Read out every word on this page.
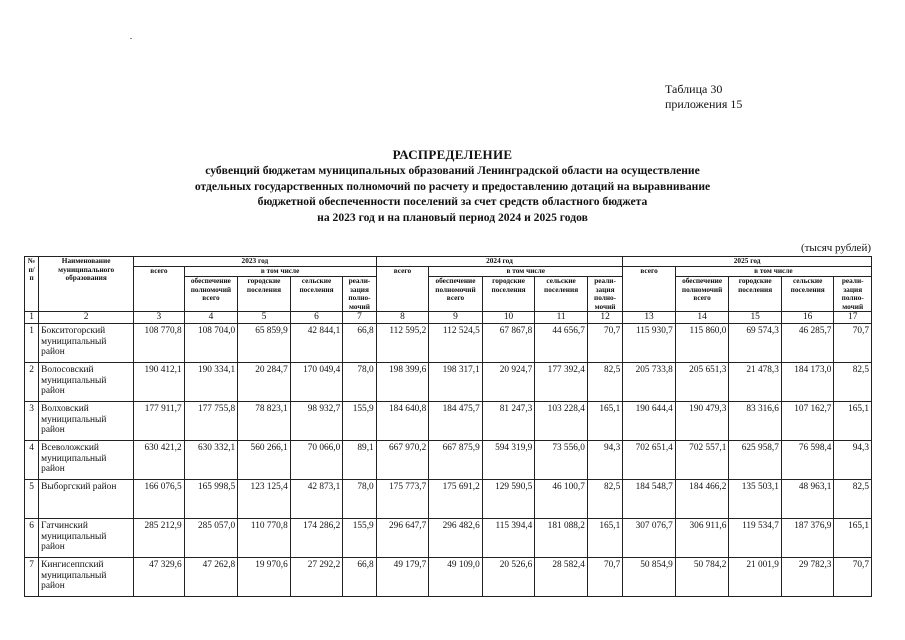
Таблица 30
приложения 15
РАСПРЕДЕЛЕНИЕ
субвенций бюджетам муниципальных образований Ленинградской области на осуществление
отдельных государственных полномочий по расчету и предоставлению дотаций на выравнивание
бюджетной обеспеченности поселений за счет средств областного бюджета
на 2023 год и на плановый период 2024 и 2025 годов
(тысяч рублей)
№ п/п	Наименование муниципального образования	2023 год					2024 год					2025 год				
		всего	в том числе				всего	в том числе				всего	в том числе			
			обеспечение полномочий всего	городские поселения	сельские поселения	реали-зация полно-мочий		обеспечение полномочий всего	городские поселения	сельские поселения	реали-зация полно-мочий		обеспечение полномочий всего	городские поселения	сельские поселения	реали-зация полно-мочий
1	2	3	4	5	6	7	8	9	10	11	12	13	14	15	16	17
1	Бокситогорский муниципальный район	108 770,8	108 704,0	65 859,9	42 844,1	66,8	112 595,2	112 524,5	67 867,8	44 656,7	70,7	115 930,7	115 860,0	69 574,3	46 285,7	70,7
2	Волосовский муниципальный район	190 412,1	190 334,1	20 284,7	170 049,4	78,0	198 399,6	198 317,1	20 924,7	177 392,4	82,5	205 733,8	205 651,3	21 478,3	184 173,0	82,5
3	Волховский муниципальный район	177 911,7	177 755,8	78 823,1	98 932,7	155,9	184 640,8	184 475,7	81 247,3	103 228,4	165,1	190 644,4	190 479,3	83 316,6	107 162,7	165,1
4	Всеволожский муниципальный район	630 421,2	630 332,1	560 266,1	70 066,0	89,1	667 970,2	667 875,9	594 319,9	73 556,0	94,3	702 651,4	702 557,1	625 958,7	76 598,4	94,3
5	Выборгский район	166 076,5	165 998,5	123 125,4	42 873,1	78,0	175 773,7	175 691,2	129 590,5	46 100,7	82,5	184 548,7	184 466,2	135 503,1	48 963,1	82,5
6	Гатчинский муниципальный район	285 212,9	285 057,0	110 770,8	174 286,2	155,9	296 647,7	296 482,6	115 394,4	181 088,2	165,1	307 076,7	306 911,6	119 534,7	187 376,9	165,1
7	Кингисеппский муниципальный район	47 329,6	47 262,8	19 970,6	27 292,2	66,8	49 179,7	49 109,0	20 526,6	28 582,4	70,7	50 854,9	50 784,2	21 001,9	29 782,3	70,7
